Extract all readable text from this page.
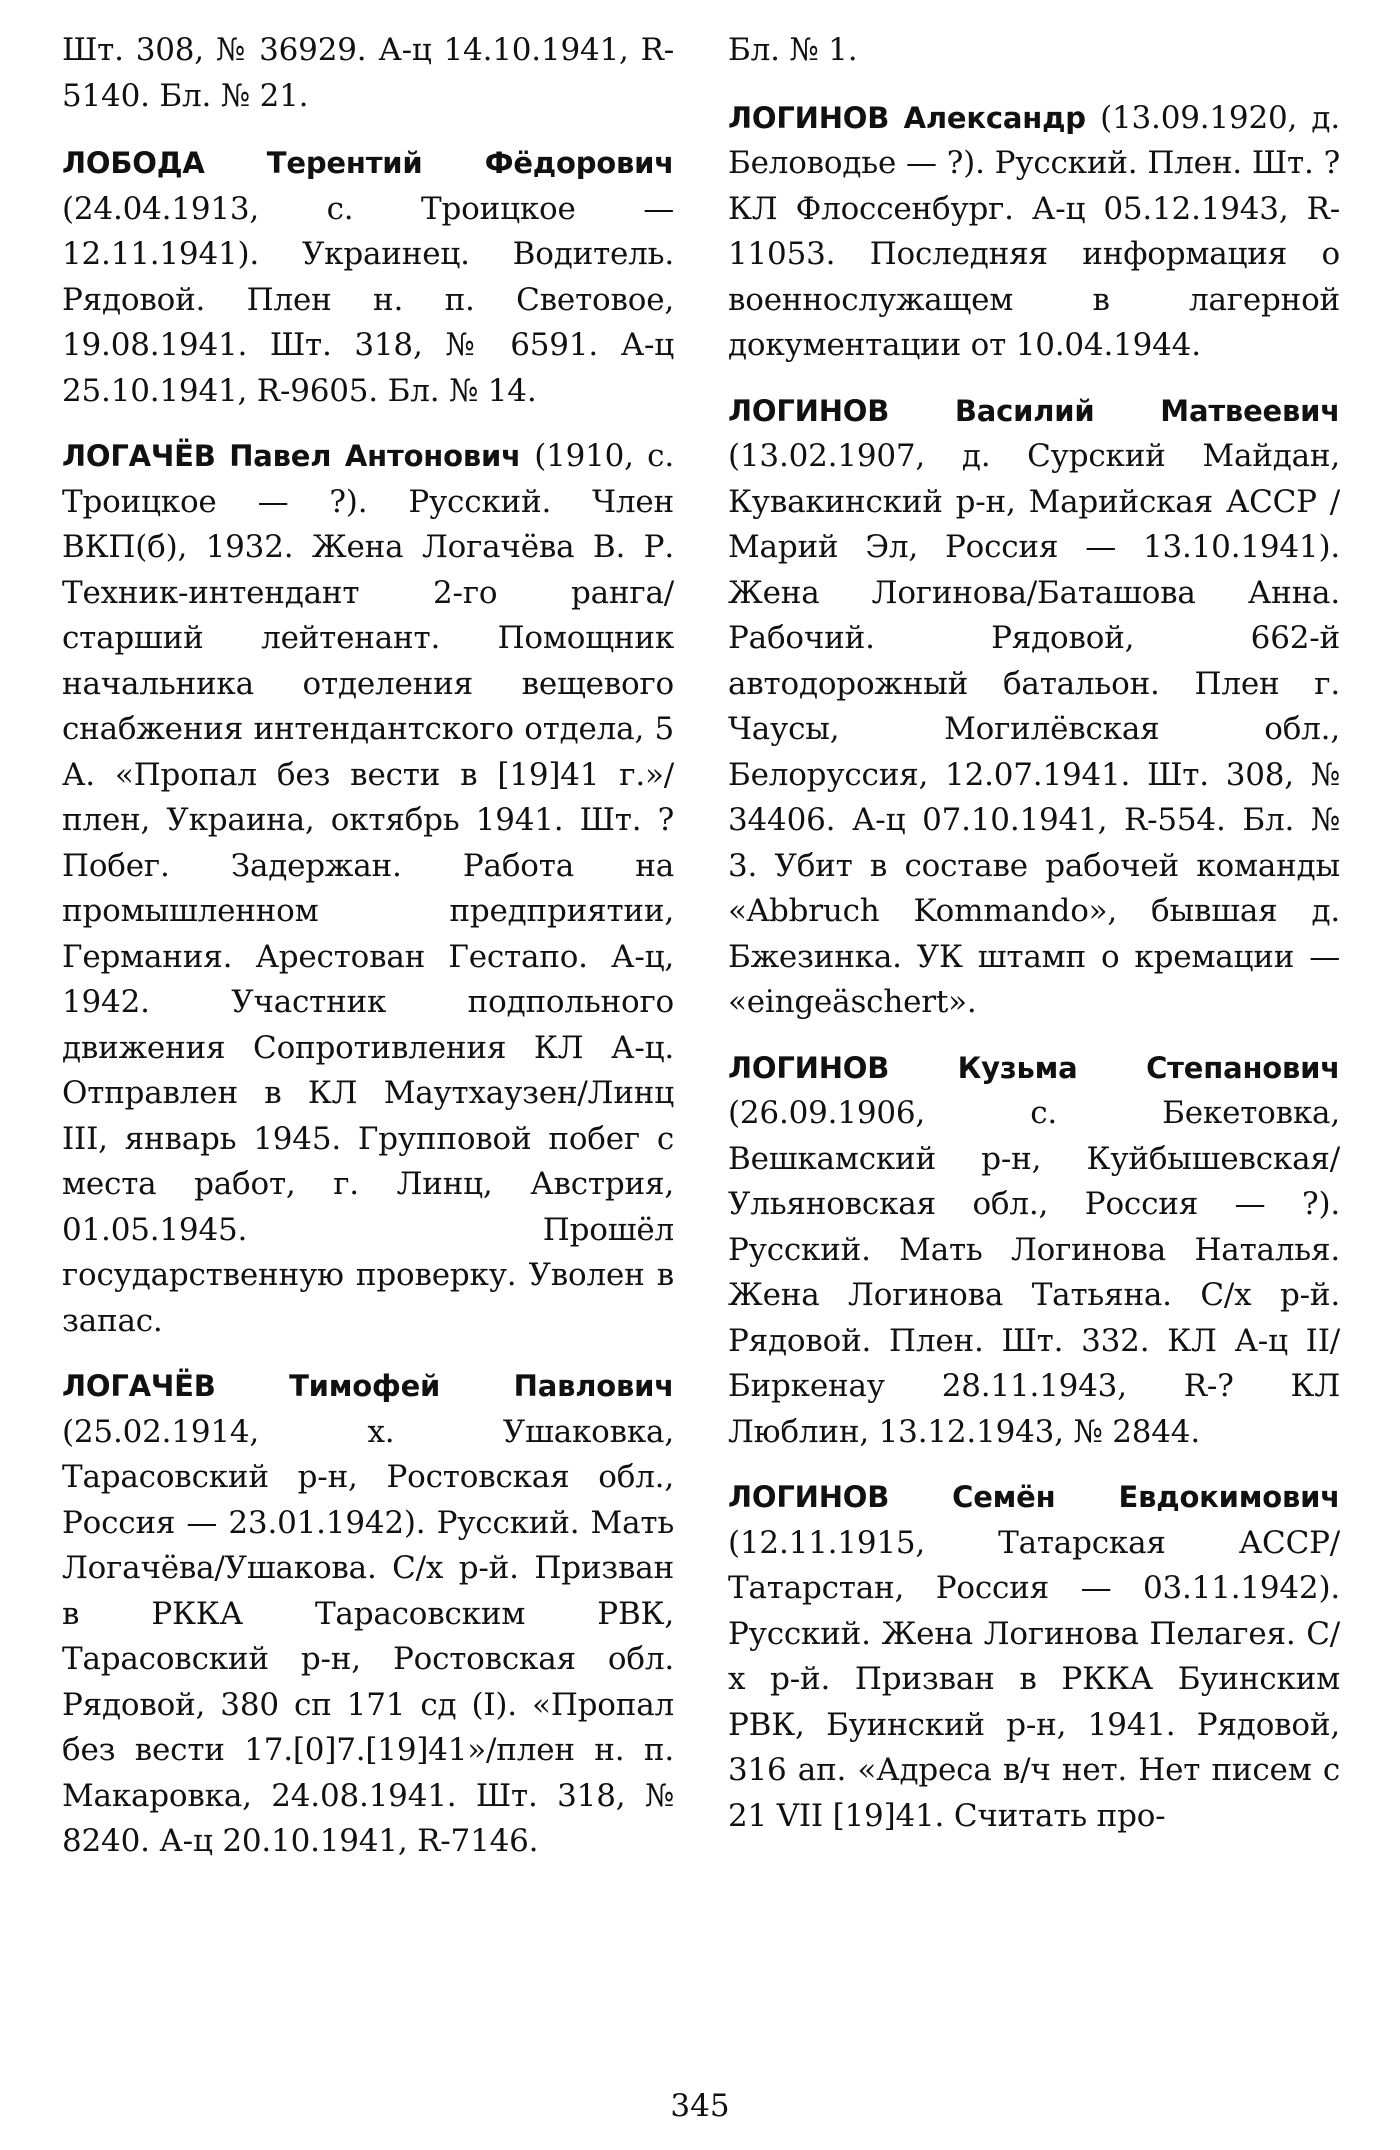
Шт. 308, № 36929. А-ц 14.10.1941, R-5140. Бл. № 21.

ЛОБОДА Терентий Фёдорович (24.04.1913, с. Троицкое — 12.11.1941). Украинец. Водитель. Рядовой. Плен н. п. Световое, 19.08.1941. Шт. 318, № 6591. А-ц 25.10.1941, R-9605. Бл. № 14.

ЛОГАЧЁВ Павел Антонович (1910, с. Троицкое — ?). Русский. Член ВКП(б), 1932. Жена Логачёва В. Р. Техник-интендант 2-го ранга/старший лейтенант. Помощник начальника отделения вещевого снабжения интендантского отдела, 5 А. «Пропал без вести в [19]41 г.»/плен, Украина, октябрь 1941. Шт. ? Побег. Задержан. Работа на промышленном предприятии, Германия. Арестован Гестапо. А-ц, 1942. Участник подпольного движения Сопротивления КЛ А-ц. Отправлен в КЛ Маутхаузен/Линц III, январь 1945. Групповой побег с места работ, г. Линц, Австрия, 01.05.1945. Прошёл государственную проверку. Уволен в запас.

ЛОГАЧЁВ Тимофей Павлович (25.02.1914, х. Ушаковка, Тарасовский р-н, Ростовская обл., Россия — 23.01.1942). Русский. Мать Логачёва/Ушакова. С/х р-й. Призван в РККА Тарасовским РВК, Тарасовский р-н, Ростовская обл. Рядовой, 380 сп 171 сд (I). «Пропал без вести 17.[0]7.[19]41»/плен н. п. Макаровка, 24.08.1941. Шт. 318, № 8240. А-ц 20.10.1941, R-7146.

Бл. № 1.

ЛОГИНОВ Александр (13.09.1920, д. Беловодье — ?). Русский. Плен. Шт. ? КЛ Флоссенбург. А-ц 05.12.1943, R-11053. Последняя информация о военнослужащем в лагерной документации от 10.04.1944.

ЛОГИНОВ Василий Матвеевич (13.02.1907, д. Сурский Майдан, Кувакинский р-н, Марийская АССР / Марий Эл, Россия — 13.10.1941). Жена Логинова/Баташова Анна. Рабочий. Рядовой, 662-й автодорожный батальон. Плен г. Чаусы, Могилёвская обл., Белоруссия, 12.07.1941. Шт. 308, № 34406. А-ц 07.10.1941, R-554. Бл. № 3. Убит в составе рабочей команды «Abbruch Kommando», бывшая д. Бжезинка. УК штамп о кремации — «eingeäschert».

ЛОГИНОВ Кузьма Степанович (26.09.1906, с. Бекетовка, Вешкамский р-н, Куйбышевская/Ульяновская обл., Россия — ?). Русский. Мать Логинова Наталья. Жена Логинова Татьяна. С/х р-й. Рядовой. Плен. Шт. 332. КЛ А-ц II/Биркенау 28.11.1943, R-? КЛ Люблин, 13.12.1943, № 2844.

ЛОГИНОВ Семён Евдокимович (12.11.1915, Татарская АССР/Татарстан, Россия — 03.11.1942). Русский. Жена Логинова Пелагея. С/х р-й. Призван в РККА Буинским РВК, Буинский р-н, 1941. Рядовой, 316 ап. «Адреса в/ч нет. Нет писем с 21 VII [19]41. Считать про-

345
